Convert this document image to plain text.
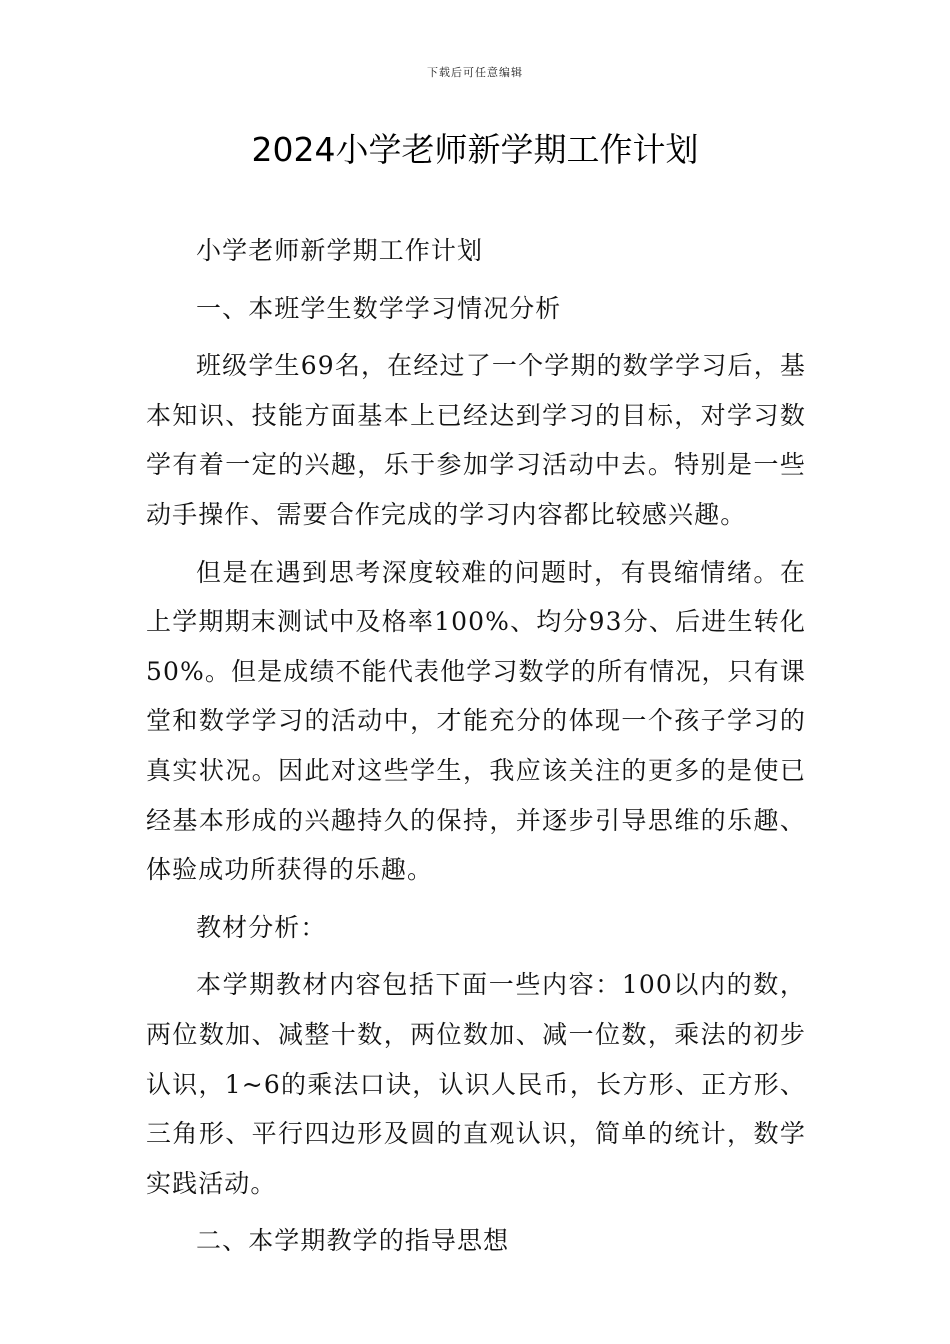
下载后可任意编辑
2024小学老师新学期工作计划

小学老师新学期工作计划

一、本班学生数学学习情况分析

班级学生69名，在经过了一个学期的数学学习后，基本知识、技能方面基本上已经达到学习的目标，对学习数学有着一定的兴趣，乐于参加学习活动中去。特别是一些动手操作、需要合作完成的学习内容都比较感兴趣。

但是在遇到思考深度较难的问题时，有畏缩情绪。在上学期期末测试中及格率100%、均分93分、后进生转化50%。但是成绩不能代表他学习数学的所有情况，只有课堂和数学学习的活动中，才能充分的体现一个孩子学习的真实状况。因此对这些学生，我应该关注的更多的是使已经基本形成的兴趣持久的保持，并逐步引导思维的乐趣、体验成功所获得的乐趣。

教材分析：

本学期教材内容包括下面一些内容：100以内的数，两位数加、减整十数，两位数加、减一位数，乘法的初步认识，1~6的乘法口诀，认识人民币，长方形、正方形、三角形、平行四边形及圆的直观认识，简单的统计，数学实践活动。

二、本学期教学的指导思想
